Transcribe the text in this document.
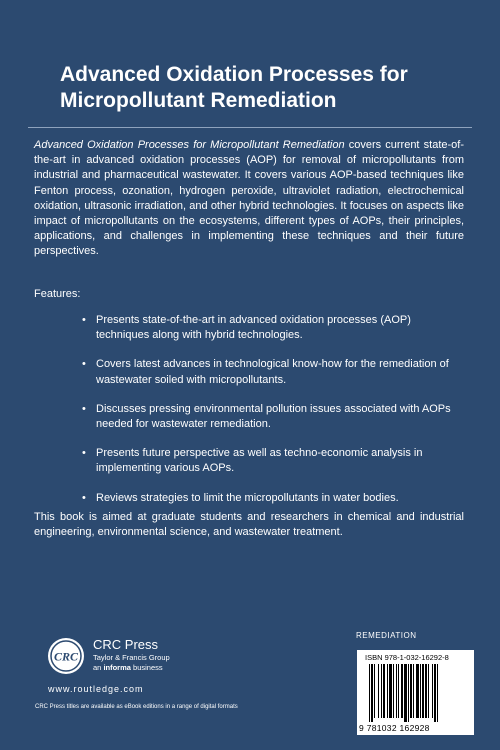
Advanced Oxidation Processes for
Micropollutant Remediation
Advanced Oxidation Processes for Micropollutant Remediation covers current state-of-the-art in advanced oxidation processes (AOP) for removal of micropollutants from industrial and pharmaceutical wastewater. It covers various AOP-based techniques like Fenton process, ozonation, hydrogen peroxide, ultraviolet radiation, electrochemical oxidation, ultrasonic irradiation, and other hybrid technologies. It focuses on aspects like impact of micropollutants on the ecosystems, different types of AOPs, their principles, applications, and challenges in implementing these techniques and their future perspectives.
Features:
• Presents state-of-the-art in advanced oxidation processes (AOP) techniques along with hybrid technologies.
• Covers latest advances in technological know-how for the remediation of wastewater soiled with micropollutants.
• Discusses pressing environmental pollution issues associated with AOPs needed for wastewater remediation.
• Presents future perspective as well as techno-economic analysis in implementing various AOPs.
• Reviews strategies to limit the micropollutants in water bodies.
This book is aimed at graduate students and researchers in chemical and industrial engineering, environmental science, and wastewater treatment.
CRC
CRC Press
Taylor & Francis Group
an informa business
www.routledge.com
CRC Press titles are available as eBook editions in a range of digital formats
REMEDIATION
ISBN 978-1-032-16292-8
9 781032 162928
